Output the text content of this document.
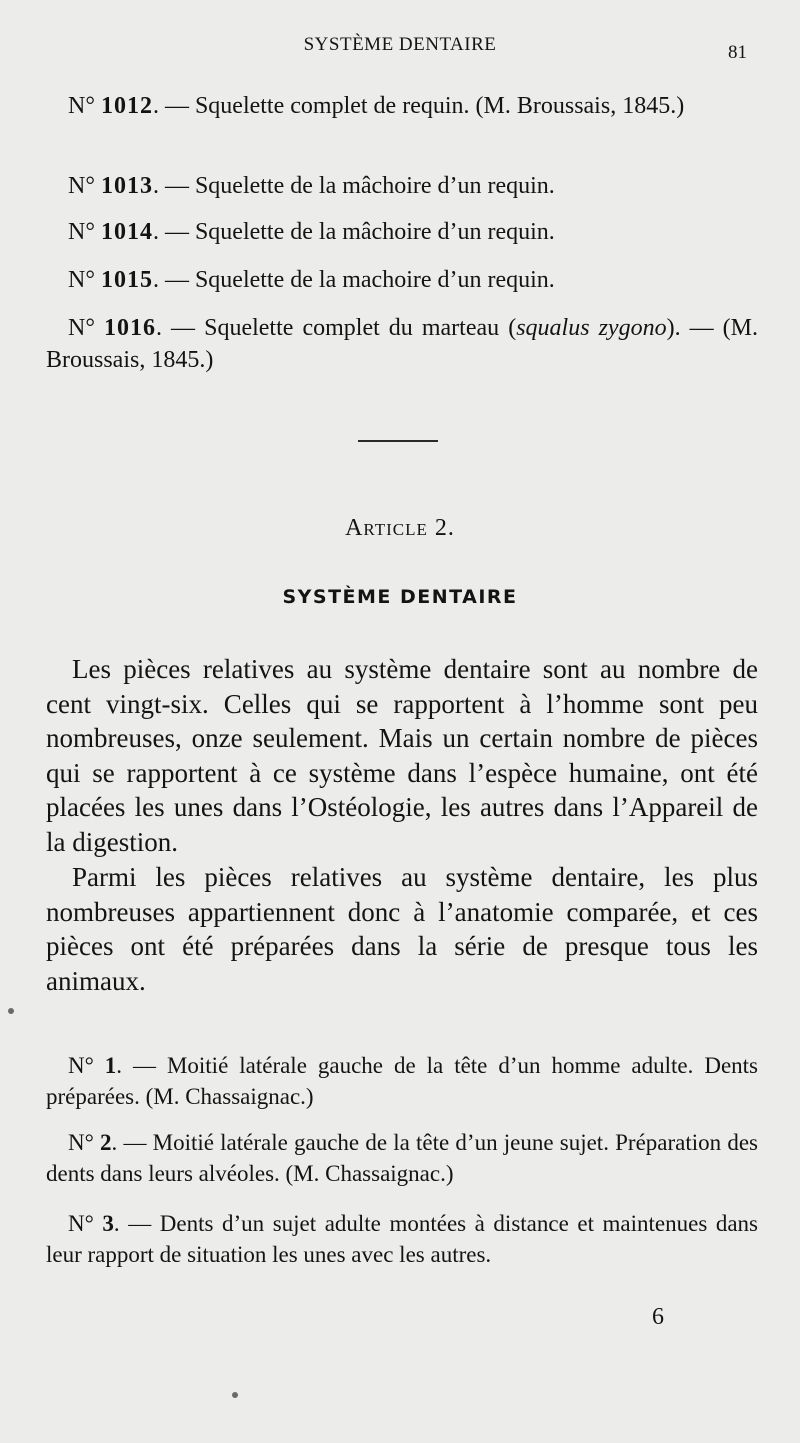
SYSTÈME DENTAIRE	81
N° 1012. — Squelette complet de requin. (M. Broussais, 1845.)
N° 1013. — Squelette de la mâchoire d’un requin.
N° 1014. — Squelette de la mâchoire d’un requin.
N° 1015. — Squelette de la machoire d’un requin.
N° 1016. — Squelette complet du marteau (squalus zygono). — (M. Broussais, 1845.)
Article 2.
SYSTÈME DENTAIRE
Les pièces relatives au système dentaire sont au nombre de cent vingt-six. Celles qui se rapportent à l’homme sont peu nombreuses, onze seulement. Mais un certain nombre de pièces qui se rapportent à ce système dans l’espèce humaine, ont été placées les unes dans l’Ostéologie, les autres dans l’Appareil de la digestion.
Parmi les pièces relatives au système dentaire, les plus nombreuses appartiennent donc à l’anatomie comparée, et ces pièces ont été préparées dans la série de presque tous les animaux.
N° 1. — Moitié latérale gauche de la tête d’un homme adulte. Dents préparées. (M. Chassaignac.)
N° 2. — Moitié latérale gauche de la tête d’un jeune sujet. Préparation des dents dans leurs alvéoles. (M. Chassaignac.)
N° 3. — Dents d’un sujet adulte montées à distance et maintenues dans leur rapport de situation les unes avec les autres.
6
